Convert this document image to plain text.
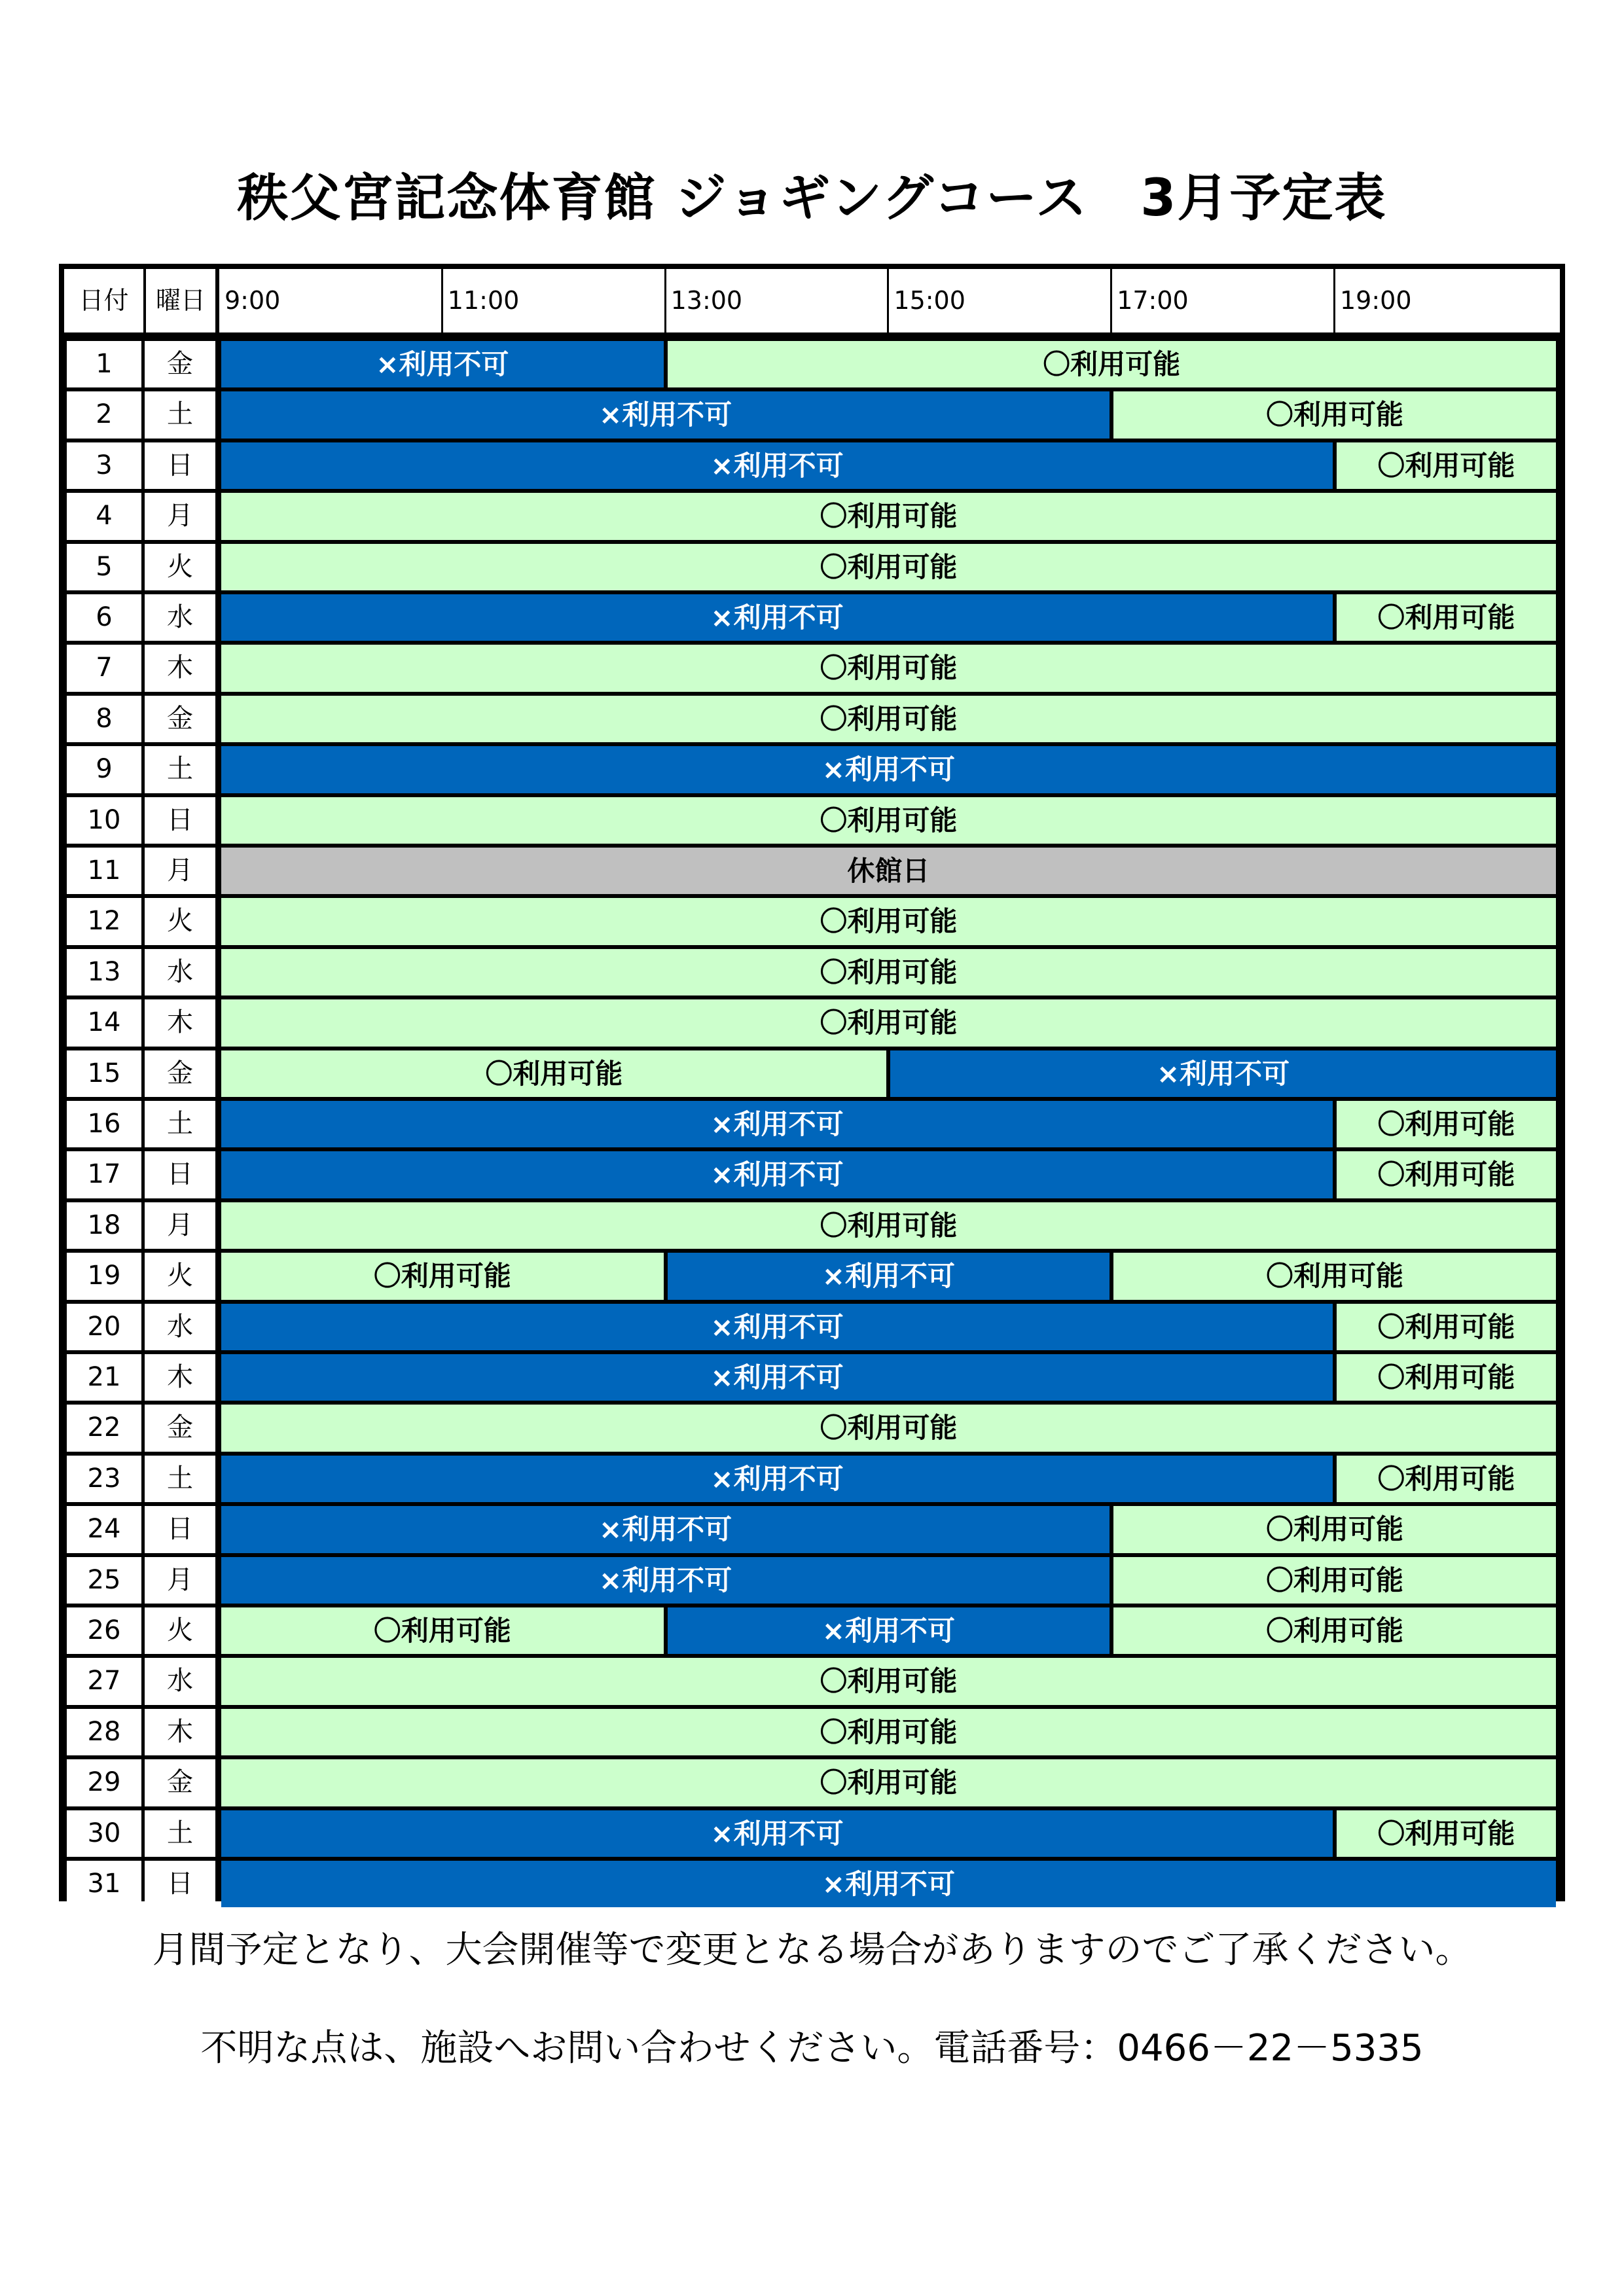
秩父宮記念体育館 ジョギングコース　3月予定表
日付	曜日 9:00	11:00	13:00	15:00	17:00	19:00
1	金	×利用不可	〇利用可能
2	土	×利用不可	〇利用可能
3	日	×利用不可	〇利用可能
4	月	〇利用可能
5	火	〇利用可能
6	水	×利用不可	〇利用可能
7	木	〇利用可能
8	金	〇利用可能
9	土	×利用不可
10	日	〇利用可能
11	月	休館日
12	火	〇利用可能
13	水	〇利用可能
14	木	〇利用可能
15	金	〇利用可能	×利用不可
16	土	×利用不可	〇利用可能
17	日	×利用不可	〇利用可能
18	月	〇利用可能
19	火	〇利用可能	×利用不可	〇利用可能
20	水	×利用不可	〇利用可能
21	木	×利用不可	〇利用可能
22	金	〇利用可能
23	土	×利用不可	〇利用可能
24	日	×利用不可	〇利用可能
25	月	×利用不可	〇利用可能
26	火	〇利用可能	×利用不可	〇利用可能
27	水	〇利用可能
28	木	〇利用可能
29	金	〇利用可能
30	土	×利用不可	〇利用可能
31	日	×利用不可
月間予定となり、大会開催等で変更となる場合がありますのでご了承ください。
不明な点は、施設へお問い合わせください。電話番号：0466－22－5335
